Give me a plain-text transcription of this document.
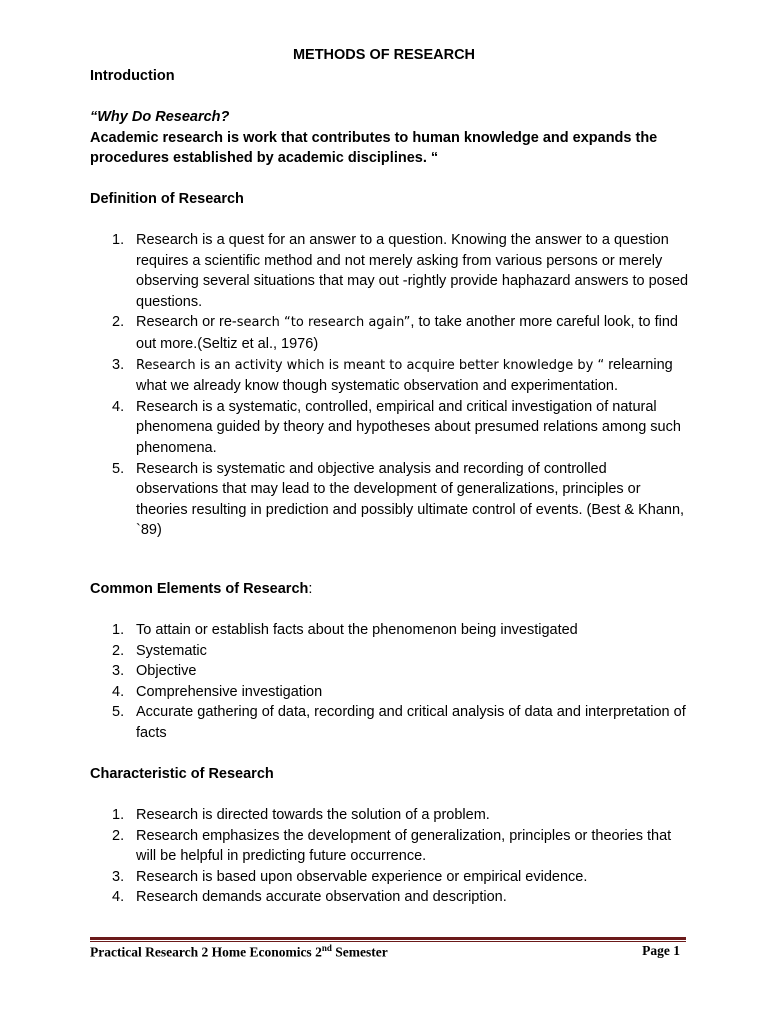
METHODS OF RESEARCH
Introduction
“Why Do Research?
Academic research is work that contributes to human knowledge and expands the procedures established by academic disciplines. “
Definition of Research
1. Research is a quest for an answer to a question. Knowing the answer to a question requires a scientific method and not merely asking from various persons or merely observing several situations that may out -rightly provide haphazard answers to posed questions.
2. Research or re-search “to research again”, to take another more careful look, to find out more.(Seltiz et al., 1976)
3. Research is an activity which is meant to acquire better knowledge by “ relearning what we already know though systematic observation and experimentation.
4. Research is a systematic, controlled, empirical and critical investigation of natural phenomena guided by theory and hypotheses about presumed relations among such phenomena.
5. Research is systematic and objective analysis and recording of controlled observations that may lead to the development of generalizations, principles or theories resulting in prediction and possibly ultimate control of events. (Best & Khann, `89)
Common Elements of Research:
1. To attain or establish facts about the phenomenon being investigated
2. Systematic
3. Objective
4. Comprehensive investigation
5. Accurate gathering of data, recording and critical analysis of data and interpretation of facts
Characteristic of Research
1. Research is directed towards the solution of a problem.
2. Research emphasizes the development of generalization, principles or theories that will be helpful in predicting future occurrence.
3. Research is based upon observable experience or empirical evidence.
4. Research demands accurate observation and description.
Practical Research 2 Home Economics 2nd Semester	Page 1
